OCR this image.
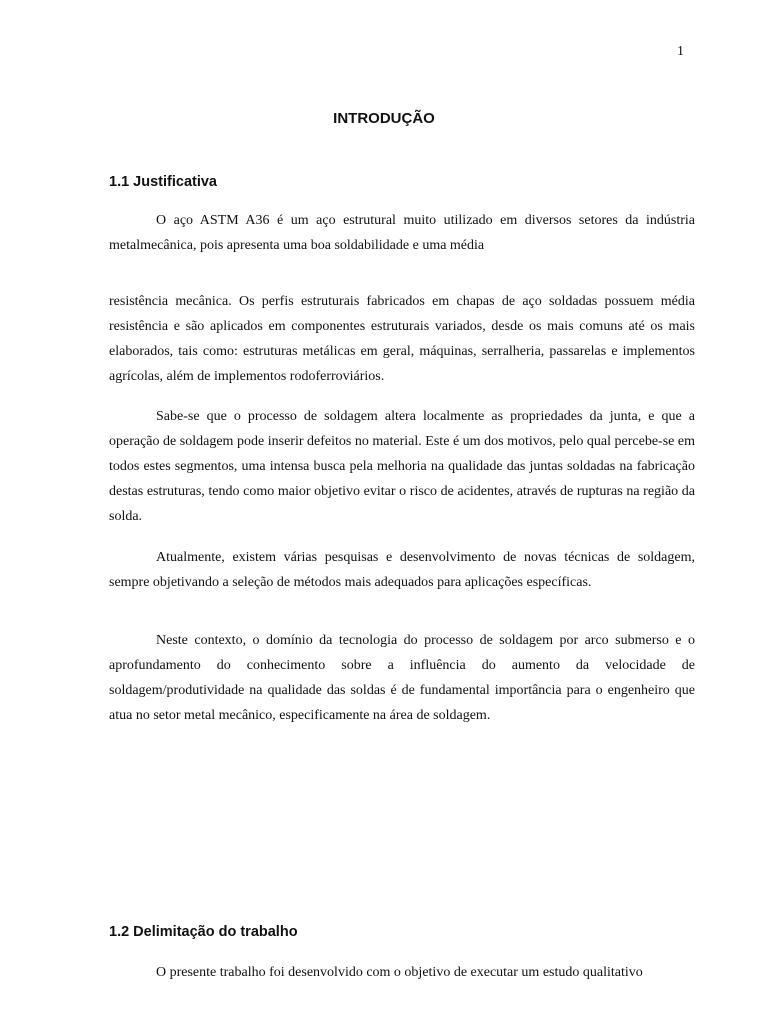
1
INTRODUÇÃO
1.1 Justificativa

O aço ASTM A36 é um aço estrutural muito utilizado em diversos setores da indústria metalmecânica, pois apresenta uma boa soldabilidade e uma média

resistência mecânica. Os perfis estruturais fabricados em chapas de aço soldadas possuem média resistência e são aplicados em componentes estruturais variados, desde os mais comuns até os mais elaborados, tais como: estruturas metálicas em geral, máquinas, serralheria, passarelas e implementos agrícolas, além de implementos rodoferroviários.

Sabe-se que o processo de soldagem altera localmente as propriedades da junta, e que a operação de soldagem pode inserir defeitos no material. Este é um dos motivos, pelo qual percebe-se em todos estes segmentos, uma intensa busca pela melhoria na qualidade das juntas soldadas na fabricação destas estruturas, tendo como maior objetivo evitar o risco de acidentes, através de rupturas na região da solda.

Atualmente, existem várias pesquisas e desenvolvimento de novas técnicas de soldagem, sempre objetivando a seleção de métodos mais adequados para aplicações específicas.

Neste contexto, o domínio da tecnologia do processo de soldagem por arco submerso e o aprofundamento do conhecimento sobre a influência do aumento da velocidade de soldagem/produtividade na qualidade das soldas é de fundamental importância para o engenheiro que atua no setor metal mecânico, especificamente na área de soldagem.

1.2 Delimitação do trabalho

O presente trabalho foi desenvolvido com o objetivo de executar um estudo qualitativo
